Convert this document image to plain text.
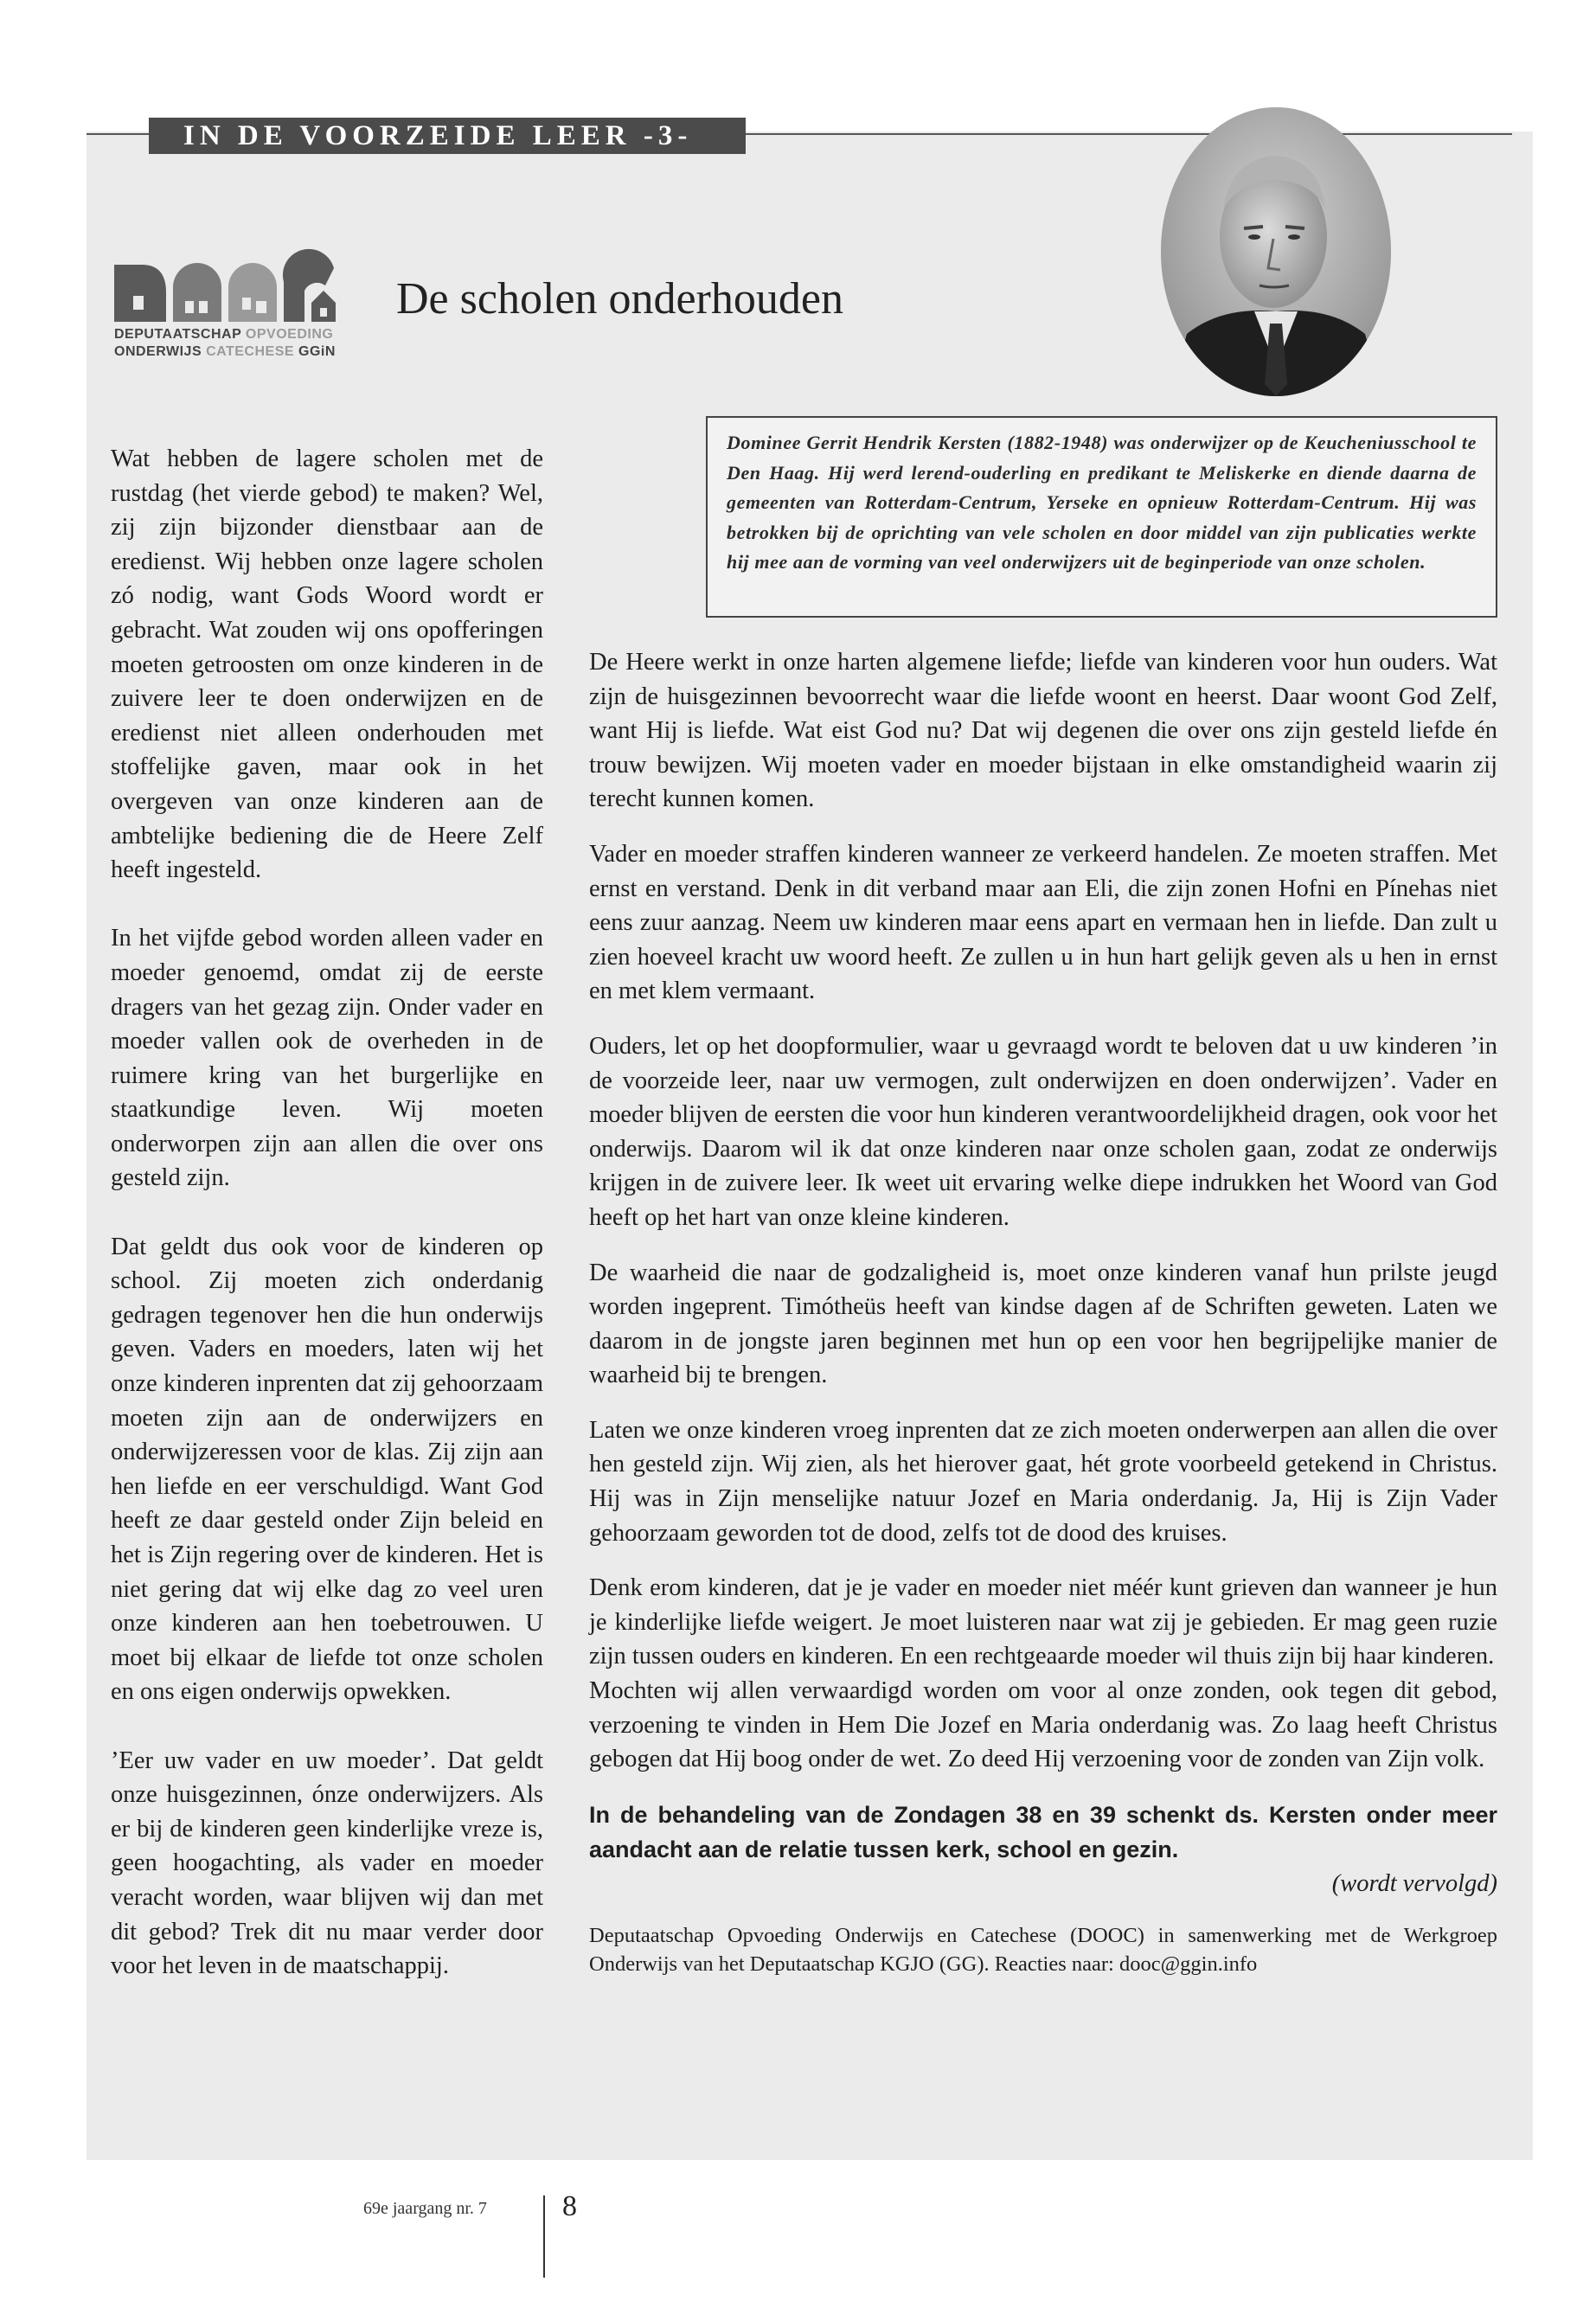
IN DE VOORZEIDE LEER -3-
DEPUTAATSCHAP OPVOEDING
ONDERWIJS CATECHESE GGiN
De scholen onderhouden
Dominee Gerrit Hendrik Kersten (1882-1948) was onderwijzer op de Keucheniusschool te Den Haag. Hij werd lerend-ouderling en predikant te Meliskerke en diende daarna de gemeenten van Rotterdam-Centrum, Yerseke en opnieuw Rotterdam-Centrum. Hij was betrokken bij de oprichting van vele scholen en door middel van zijn publicaties werkte hij mee aan de vorming van veel onderwijzers uit de beginperiode van onze scholen.

Wat hebben de lagere scholen met de rustdag (het vierde gebod) te maken? Wel, zij zijn bijzonder dienstbaar aan de eredienst. Wij hebben onze lagere scholen zó nodig, want Gods Woord wordt er gebracht. Wat zouden wij ons opofferingen moeten getroosten om onze kinderen in de zuivere leer te doen onderwijzen en de eredienst niet alleen onderhouden met stoffelijke gaven, maar ook in het overgeven van onze kinderen aan de ambtelijke bediening die de Heere Zelf heeft ingesteld.

In het vijfde gebod worden alleen vader en moeder genoemd, omdat zij de eerste dragers van het gezag zijn. Onder vader en moeder vallen ook de overheden in de ruimere kring van het burgerlijke en staatkundige leven. Wij moeten onderworpen zijn aan allen die over ons gesteld zijn.

Dat geldt dus ook voor de kinderen op school. Zij moeten zich onderdanig gedragen tegenover hen die hun onderwijs geven. Vaders en moeders, laten wij het onze kinderen inprenten dat zij gehoorzaam moeten zijn aan de onderwijzers en onderwijzeressen voor de klas. Zij zijn aan hen liefde en eer verschuldigd. Want God heeft ze daar gesteld onder Zijn beleid en het is Zijn regering over de kinderen. Het is niet gering dat wij elke dag zo veel uren onze kinderen aan hen toebetrouwen. U moet bij elkaar de liefde tot onze scholen en ons eigen onderwijs opwekken.

’Eer uw vader en uw moeder’. Dat geldt onze huisgezinnen, ónze onderwijzers. Als er bij de kinderen geen kinderlijke vreze is, geen hoogachting, als vader en moeder veracht worden, waar blijven wij dan met dit gebod? Trek dit nu maar verder door voor het leven in de maatschappij.

De Heere werkt in onze harten algemene liefde; liefde van kinderen voor hun ouders. Wat zijn de huisgezinnen bevoorrecht waar die liefde woont en heerst. Daar woont God Zelf, want Hij is liefde. Wat eist God nu? Dat wij degenen die over ons zijn gesteld liefde én trouw bewijzen. Wij moeten vader en moeder bijstaan in elke omstandigheid waarin zij terecht kunnen komen.

Vader en moeder straffen kinderen wanneer ze verkeerd handelen. Ze moeten straffen. Met ernst en verstand. Denk in dit verband maar aan Eli, die zijn zonen Hofni en Pínehas niet eens zuur aanzag. Neem uw kinderen maar eens apart en vermaan hen in liefde. Dan zult u zien hoeveel kracht uw woord heeft. Ze zullen u in hun hart gelijk geven als u hen in ernst en met klem vermaant.

Ouders, let op het doopformulier, waar u gevraagd wordt te beloven dat u uw kinderen ’in de voorzeide leer, naar uw vermogen, zult onderwijzen en doen onderwijzen’. Vader en moeder blijven de eersten die voor hun kinderen verantwoordelijkheid dragen, ook voor het onderwijs. Daarom wil ik dat onze kinderen naar onze scholen gaan, zodat ze onderwijs krijgen in de zuivere leer. Ik weet uit ervaring welke diepe indrukken het Woord van God heeft op het hart van onze kleine kinderen.

De waarheid die naar de godzaligheid is, moet onze kinderen vanaf hun prilste jeugd worden ingeprent. Timótheüs heeft van kindse dagen af de Schriften geweten. Laten we daarom in de jongste jaren beginnen met hun op een voor hen begrijpelijke manier de waarheid bij te brengen.

Laten we onze kinderen vroeg inprenten dat ze zich moeten onderwerpen aan allen die over hen gesteld zijn. Wij zien, als het hierover gaat, hét grote voorbeeld getekend in Christus. Hij was in Zijn menselijke natuur Jozef en Maria onderdanig. Ja, Hij is Zijn Vader gehoorzaam geworden tot de dood, zelfs tot de dood des kruises.

Denk erom kinderen, dat je je vader en moeder niet méér kunt grieven dan wanneer je hun je kinderlijke liefde weigert. Je moet luisteren naar wat zij je gebieden. Er mag geen ruzie zijn tussen ouders en kinderen. En een rechtgeaarde moeder wil thuis zijn bij haar kinderen.

Mochten wij allen verwaardigd worden om voor al onze zonden, ook tegen dit gebod, verzoening te vinden in Hem Die Jozef en Maria onderdanig was. Zo laag heeft Christus gebogen dat Hij boog onder de wet. Zo deed Hij verzoening voor de zonden van Zijn volk.

In de behandeling van de Zondagen 38 en 39 schenkt ds. Kersten onder meer aandacht aan de relatie tussen kerk, school en gezin.

(wordt vervolgd)

Deputaatschap Opvoeding Onderwijs en Catechese (DOOC) in samenwerking met de Werkgroep Onderwijs van het Deputaatschap KGJO (GG). Reacties naar: dooc@ggin.info

69e jaargang nr. 7	8
